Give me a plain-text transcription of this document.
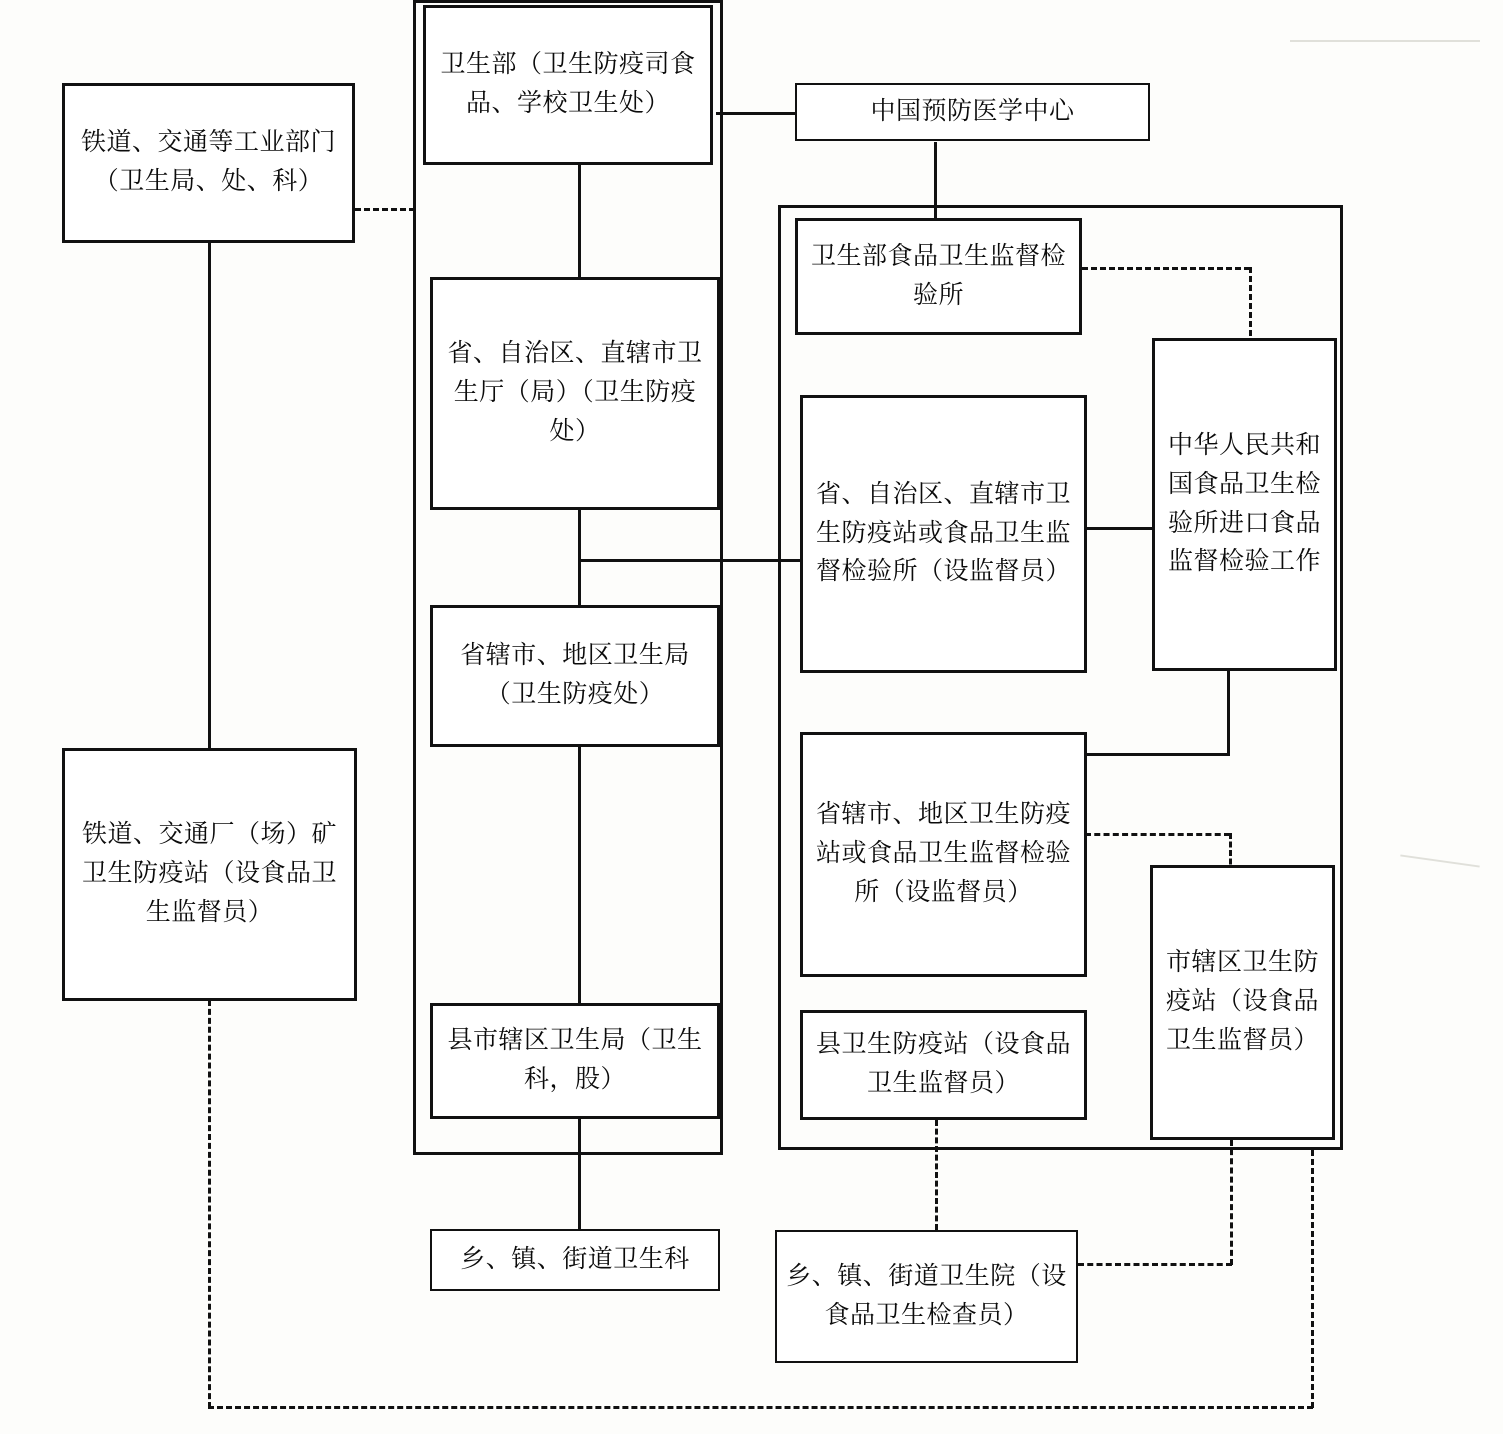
卫生部（卫生防疫司食品、学校卫生处）	中国预防医学中心
铁道、交通等工业部门（卫生局、处、科）
卫生部食品卫生监督检验所
省、自治区、直辖市卫生厅（局）（卫生防疫处）
省、自治区、直辖市卫生防疫站或食品卫生监督检验所（设监督员）
中华人民共和国食品卫生检验所进口食品监督检验工作
省辖市、地区卫生局（卫生防疫处）
省辖市、地区卫生防疫站或食品卫生监督检验所（设监督员）
铁道、交通厂（场）矿卫生防疫站（设食品卫生监督员）
市辖区卫生防疫站（设食品卫生监督员）
县市辖区卫生局（卫生科，股）
县卫生防疫站（设食品卫生监督员）
乡、镇、街道卫生科
乡、镇、街道卫生院（设食品卫生检查员）
